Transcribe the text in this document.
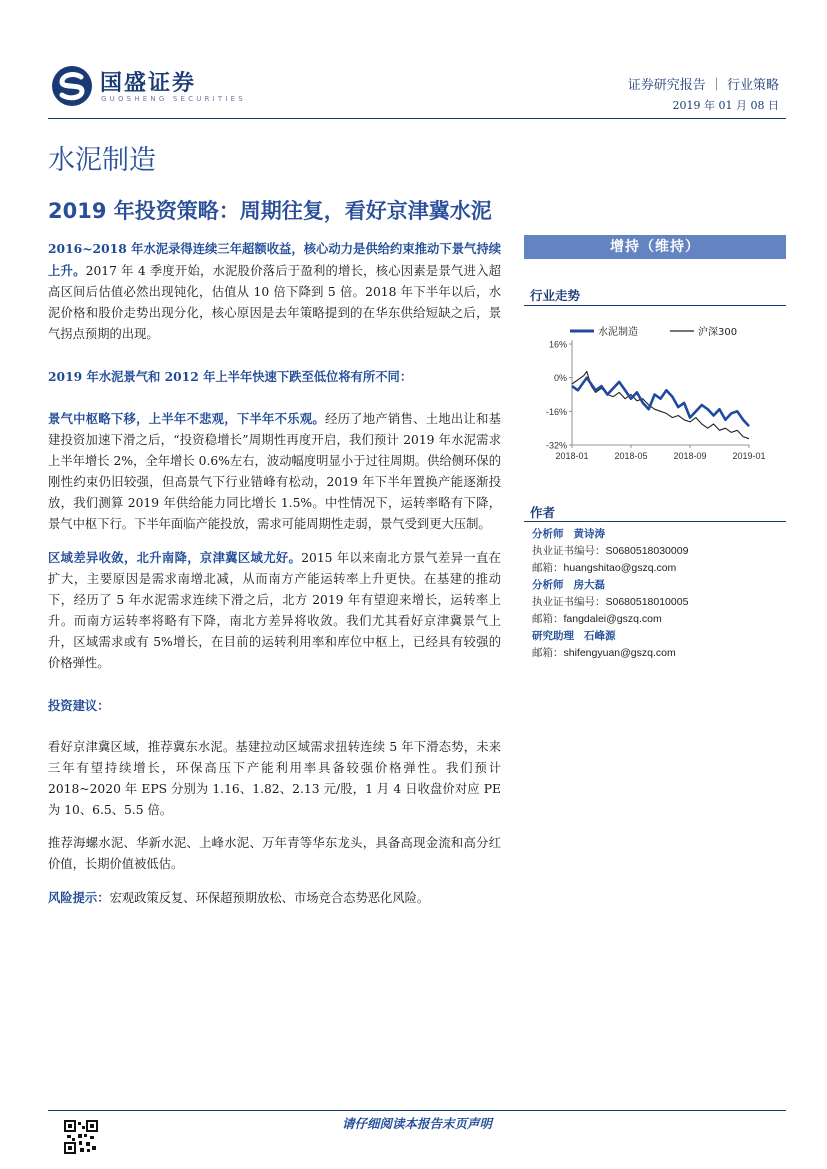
国盛证券
GUOSHENG SECURITIES
证券研究报告 ｜ 行业策略
2019 年 01 月 08 日
水泥制造
2019 年投资策略：周期往复，看好京津冀水泥

2016~2018 年水泥录得连续三年超额收益，核心动力是供给约束推动下景气持续上升。2017 年 4 季度开始，水泥股价落后于盈利的增长，核心因素是景气进入超高区间后估值必然出现钝化，估值从 10 倍下降到 5 倍。2018 年下半年以后，水泥价格和股价走势出现分化，核心原因是去年策略提到的在华东供给短缺之后，景气拐点预期的出现。

2019 年水泥景气和 2012 年上半年快速下跌至低位将有所不同：

景气中枢略下移，上半年不悲观，下半年不乐观。经历了地产销售、土地出让和基建投资加速下滑之后，“投资稳增长”周期性再度开启，我们预计 2019 年水泥需求上半年增长 2%，全年增长 0.6%左右，波动幅度明显小于过往周期。供给侧环保的刚性约束仍旧较强，但高景气下行业错峰有松动，2019 年下半年置换产能逐渐投放，我们测算 2019 年供给能力同比增长 1.5%。中性情况下，运转率略有下降，景气中枢下行。下半年面临产能投放，需求可能周期性走弱，景气受到更大压制。

区域差异收敛，北升南降，京津冀区域尤好。2015 年以来南北方景气差异一直在扩大，主要原因是需求南增北减，从而南方产能运转率上升更快。在基建的推动下，经历了 5 年水泥需求连续下滑之后，北方 2019 年有望迎来增长，运转率上升。而南方运转率将略有下降，南北方差异将收敛。我们尤其看好京津冀景气上升，区域需求或有 5%增长，在目前的运转利用率和库位中枢上，已经具有较强的价格弹性。

投资建议：

看好京津冀区域，推荐冀东水泥。基建拉动区域需求扭转连续 5 年下滑态势，未来三年有望持续增长，环保高压下产能利用率具备较强价格弹性。我们预计 2018~2020 年 EPS 分别为 1.16、1.82、2.13 元/股，1 月 4 日收盘价对应 PE 为 10、6.5、5.5 倍。

推荐海螺水泥、华新水泥、上峰水泥、万年青等华东龙头，具备高现金流和高分红价值，长期价值被低估。

风险提示：宏观政策反复、环保超预期放松、市场竞合态势恶化风险。

增持（维持）
行业走势
水泥制造	沪深300
16%
0%
-16%
-32%
2018-01	2018-05	2018-09	2019-01
作者
分析师 黄诗涛
执业证书编号：S0680518030009
邮箱：huangshitao@gszq.com
分析师 房大磊
执业证书编号：S0680518010005
邮箱：fangdalei@gszq.com
研究助理 石峰源
邮箱：shifengyuan@gszq.com
请仔细阅读本报告末页声明
